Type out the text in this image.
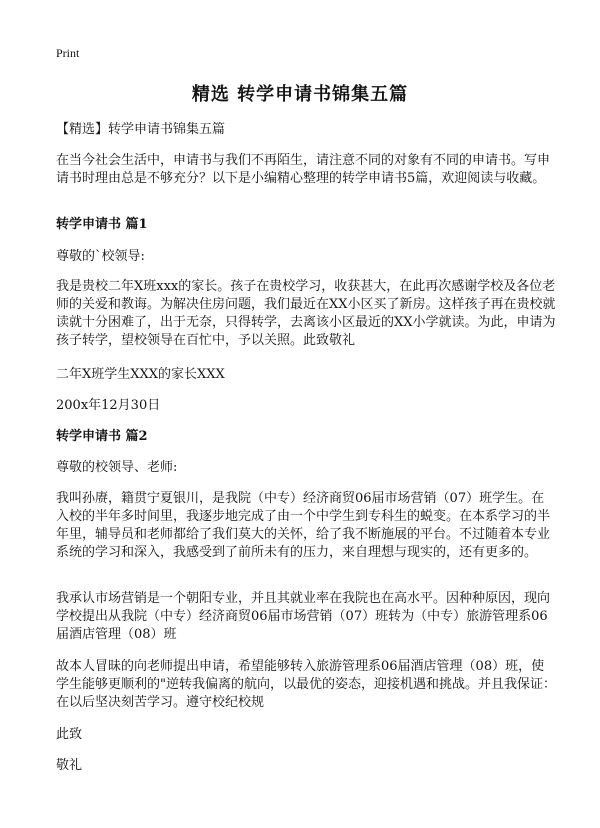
Print
精选 转学申请书锦集五篇

【精选】转学申请书锦集五篇

在当今社会生活中，申请书与我们不再陌生，请注意不同的对象有不同的申请书。写申请书时理由总是不够充分？以下是小编精心整理的转学申请书5篇，欢迎阅读与收藏。

转学申请书 篇1

尊敬的`校领导:

我是贵校二年X班xxx的家长。孩子在贵校学习，收获甚大，在此再次感谢学校及各位老师的关爱和教诲。为解决住房问题，我们最近在XX小区买了新房。这样孩子再在贵校就读就十分困难了，出于无奈，只得转学，去离该小区最近的XX小学就读。为此，申请为孩子转学，望校领导在百忙中，予以关照。此致敬礼

二年X班学生XXX的家长XXX

200x年12月30日

转学申请书 篇2

尊敬的校领导、老师:

我叫孙赓，籍贯宁夏银川，是我院（中专）经济商贸06届市场营销（07）班学生。在入校的半年多时间里，我逐步地完成了由一个中学生到专科生的蜕变。在本系学习的半年里，辅导员和老师都给了我们莫大的关怀，给了我不断施展的平台。不过随着本专业系统的学习和深入，我感受到了前所未有的压力，来自理想与现实的，还有更多的。

我承认市场营销是一个朝阳专业，并且其就业率在我院也在高水平。因种种原因，现向学校提出从我院（中专）经济商贸06届市场营销（07）班转为（中专）旅游管理系06届酒店管理（08）班

故本人冒昧的向老师提出申请，希望能够转入旅游管理系06届酒店管理（08）班，使学生能够更顺利的"逆转我偏离的航向，以最优的姿态，迎接机遇和挑战。并且我保证：在以后坚决刻苦学习。遵守校纪校规

此致

敬礼
